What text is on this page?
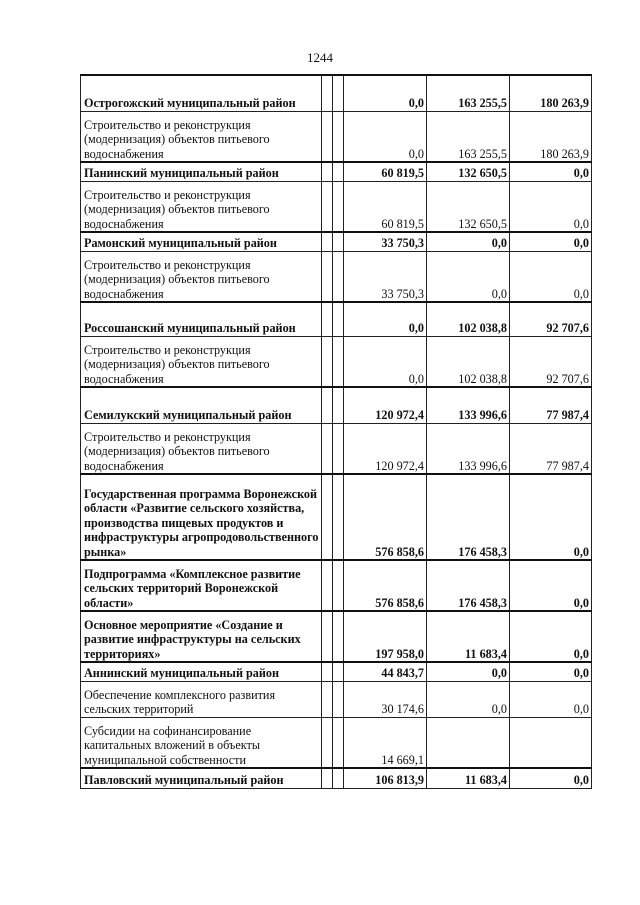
1244
Острогожский муниципальный район			0,0	163 255,5	180 263,9
Строительство и реконструкция (модернизация) объектов питьевого водоснабжения			0,0	163 255,5	180 263,9
Панинский муниципальный район			60 819,5	132 650,5	0,0
Строительство и реконструкция (модернизация) объектов питьевого водоснабжения			60 819,5	132 650,5	0,0
Рамонский муниципальный район			33 750,3	0,0	0,0
Строительство и реконструкция (модернизация) объектов питьевого водоснабжения			33 750,3	0,0	0,0
Россошанский муниципальный район			0,0	102 038,8	92 707,6
Строительство и реконструкция (модернизация) объектов питьевого водоснабжения			0,0	102 038,8	92 707,6
Семилукский муниципальный район			120 972,4	133 996,6	77 987,4
Строительство и реконструкция (модернизация) объектов питьевого водоснабжения			120 972,4	133 996,6	77 987,4
Государственная программа Воронежской области «Развитие сельского хозяйства, производства пищевых продуктов и инфраструктуры агропродовольственного рынка»			576 858,6	176 458,3	0,0
Подпрограмма «Комплексное развитие сельских территорий Воронежской области»			576 858,6	176 458,3	0,0
Основное мероприятие «Создание и развитие инфраструктуры на сельских территориях»			197 958,0	11 683,4	0,0
Аннинский муниципальный район			44 843,7	0,0	0,0
Обеспечение комплексного развития сельских территорий			30 174,6	0,0	0,0
Субсидии на софинансирование капитальных вложений в объекты муниципальной собственности			14 669,1		
Павловский муниципальный район			106 813,9	11 683,4	0,0
